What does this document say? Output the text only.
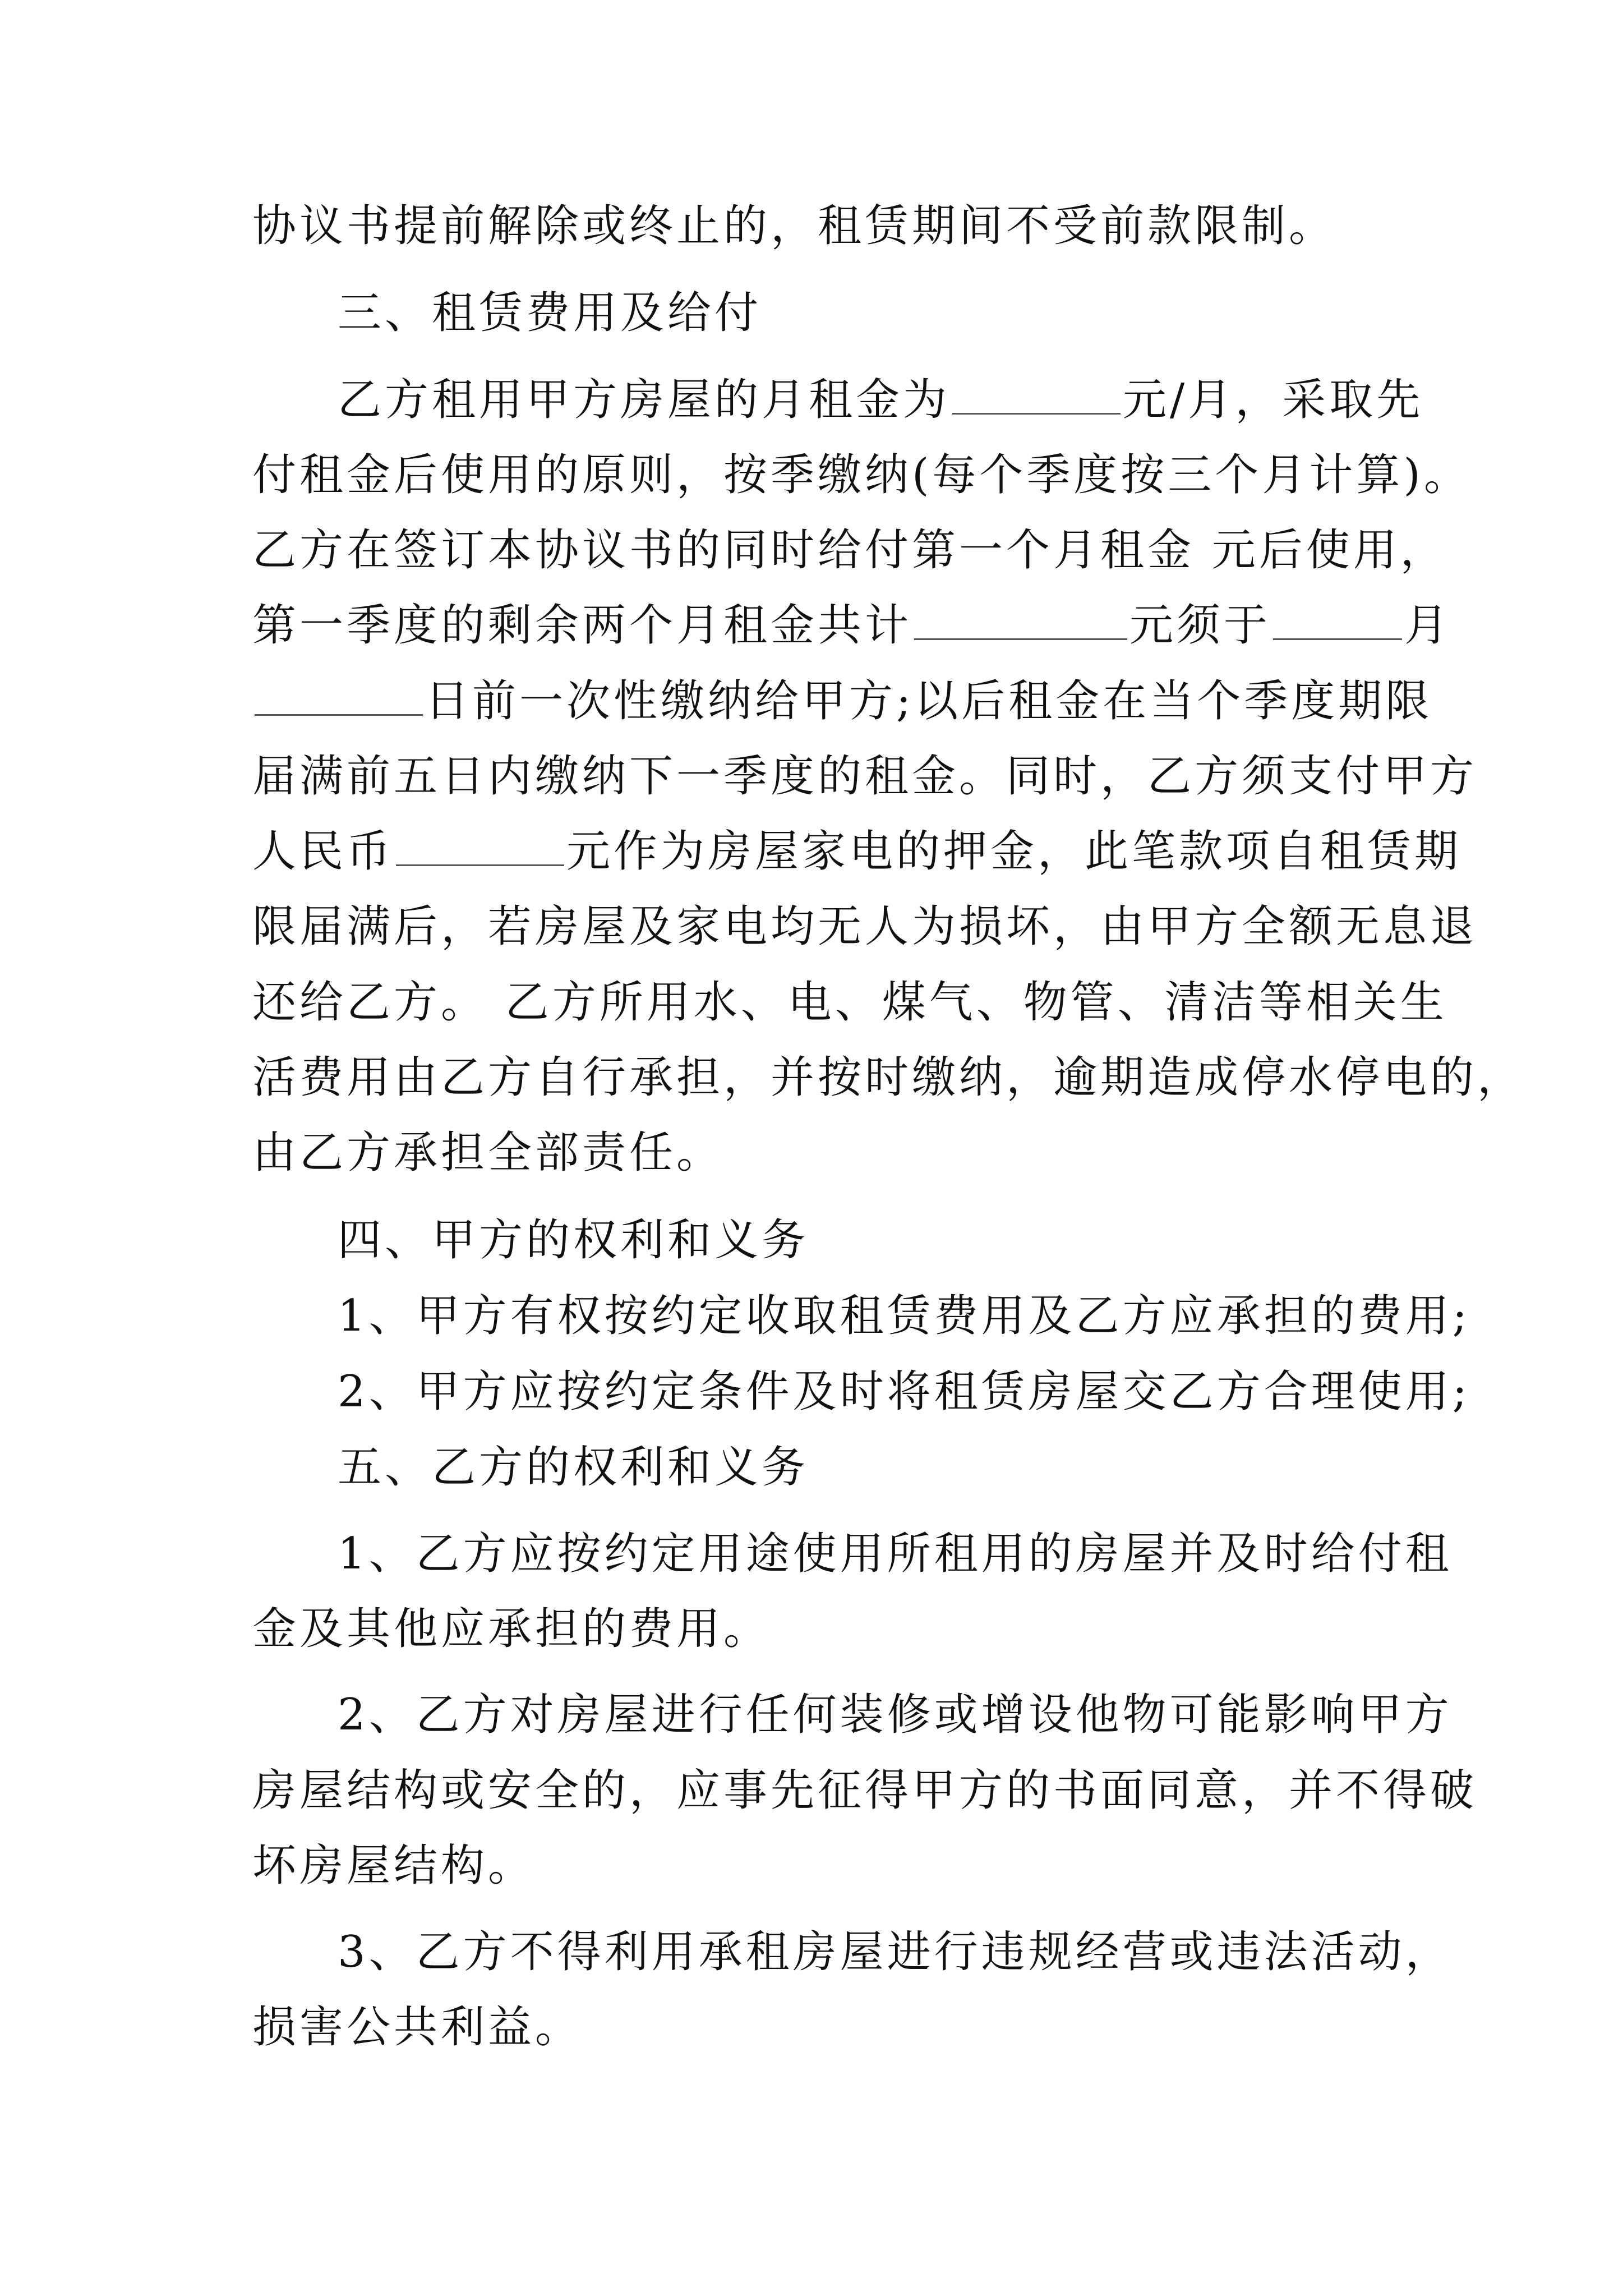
协议书提前解除或终止的，租赁期间不受前款限制。
三、租赁费用及给付
乙方租用甲方房屋的月租金为	元/月，采取先
付租金后使用的原则，按季缴纳(每个季度按三个月计算)。
乙方在签订本协议书的同时给付第一个月租金 元后使用，
第一季度的剩余两个月租金共计	元须于	月
日前一次性缴纳给甲方;以后租金在当个季度期限
届满前五日内缴纳下一季度的租金。同时，乙方须支付甲方
人民币	元作为房屋家电的押金，此笔款项自租赁期
限届满后，若房屋及家电均无人为损坏，由甲方全额无息退
还给乙方。 乙方所用水、电、煤气、物管、清洁等相关生
活费用由乙方自行承担，并按时缴纳，逾期造成停水停电的，
由乙方承担全部责任。
四、甲方的权利和义务
1、甲方有权按约定收取租赁费用及乙方应承担的费用;
2、甲方应按约定条件及时将租赁房屋交乙方合理使用;
五、乙方的权利和义务
1、乙方应按约定用途使用所租用的房屋并及时给付租
金及其他应承担的费用。
2、乙方对房屋进行任何装修或增设他物可能影响甲方
房屋结构或安全的，应事先征得甲方的书面同意，并不得破
坏房屋结构。
3、乙方不得利用承租房屋进行违规经营或违法活动，
损害公共利益。
